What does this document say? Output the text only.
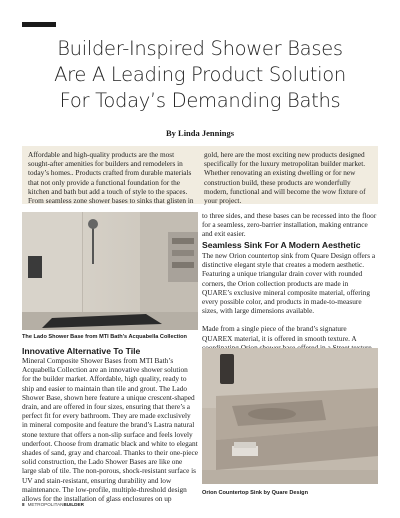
Builder-Inspired Shower Bases
Are A Leading Product Solution
For Today’s Demanding Baths
By Linda Jennings
Affordable and high-quality products are the most sought-after amenities for builders and remodelers in today’s homes.. Products crafted from durable materials that not only provide a functional foundation for the kitchen and bath but add a touch of style to the spaces. From seamless zone shower bases to sinks that glisten in
gold, here are the most exciting new products designed specifically for the luxury metropolitan builder market. Whether renovating an existing dwelling or for new construction build, these products are wonderfully modern, functional and will become the wow fixture of your project.
The Lado Shower Base from MTI Bath’s Acquabella Collection
Innovative Alternative To Tile
Mineral Composite Shower Bases from MTI Bath’s Acquabella Collection are an innovative shower solution for the builder market. Affordable, high quality, ready to ship and easier to maintain than tile and grout. The Lado Shower Base, shown here feature a unique crescent-shaped drain, and are offered in four sizes, ensuring that there’s a perfect fit for every bathroom. They are made exclusively in mineral composite and feature the brand’s Lastra natural stone texture that offers a non-slip surface and feels lovely underfoot. Choose from dramatic black and white to elegant shades of sand, gray and charcoal. Thanks to their one-piece solid construction, the Lado Shower Bases are like one large slab of tile. The non-porous, shock-resistant surface is UV and stain-resistant, ensuring durability and low maintenance. The low-profile, multiple-threshold design allows for the installation of glass enclosures on up
to three sides, and these bases can be recessed into the floor for a seamless, zero-barrier installation, making entrance and exit easier.
Seamless Sink For A Modern Aesthetic

The new Orion countertop sink from Quare Design offers a distinctive elegant style that creates a modern aesthetic. Featuring a unique triangular drain cover with rounded corners, the Orion collection products are made in QUARE’s exclusive mineral composite material, offering every possible color, and products in made-to-measure sizes, with large dimensions available.

Made from a single piece of the brand’s signature QUAREX material, it is offered in smooth texture. A

Orion Countertop Sink by Quare Design
8 METROPOLITANBUILDER
